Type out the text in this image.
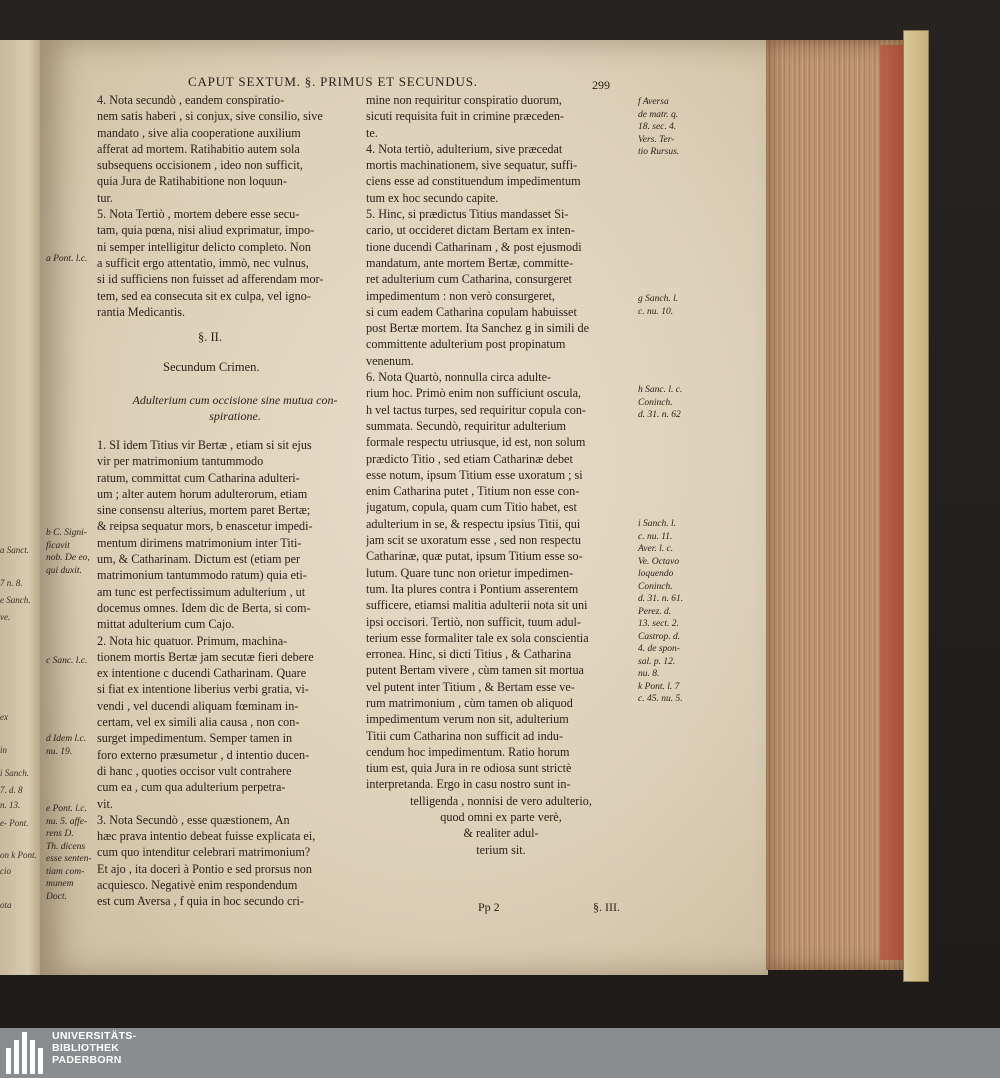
a Sanct.
7 n. 8.
e Sanch.
ve.
ex
in
i Sanch.
7. d. 8
n. 13.
e- Pont.
on k Pont.
cio
ota
CAPUT SEXTUM. §. PRIMUS ET SECUNDUS.	299

4. Nota secundò , eandem conspiratio-
nem satis haberi , si conjux, sive consilio, sive
mandato , sive alia cooperatione auxilium
afferat ad mortem. Ratihabitio autem sola
subsequens occisionem , ideo non sufficit,
quia Jura de Ratihabitione non loquun-
tur.

5. Nota Tertiò , mortem debere esse secu-
tam, quia pœna, nisi aliud exprimatur, impo-
ni semper intelligitur delicto completo. Non
a sufficit ergo attentatio, immò, nec vulnus,
si id sufficiens non fuisset ad afferendam mor-
tem, sed ea consecuta sit ex culpa, vel igno-
rantia Medicantis.

§. II.
Secundum Crimen.
Adulterium cum occisione sine mutua con- spiratione.

1. SI idem Titius vir Bertæ , etiam si sit ejus
vir per matrimonium tantummodo
ratum, committat cum Catharina adulteri-
um ; alter autem horum adulterorum, etiam
sine consensu alterius, mortem paret Bertæ;
& reipsa sequatur mors, b enascetur impedi-
mentum dirimens matrimonium inter Titi-
um, & Catharinam. Dictum est (etiam per
matrimonium tantummodo ratum) quia eti-
am tunc est perfectissimum adulterium , ut
docemus omnes. Idem dic de Berta, si com-
mittat adulterium cum Cajo.

2. Nota hic quatuor. Primum, machina-
tionem mortis Bertæ jam secutæ fieri debere
ex intentione c ducendi Catharinam. Quare
si fiat ex intentione liberius verbi gratia, vi-
vendi , vel ducendi aliquam fœminam in-
certam, vel ex simili alia causa , non con-
surget impedimentum. Semper tamen in
foro externo præsumetur , d intentio ducen-
di hanc , quoties occisor vult contrahere
cum ea , cum qua adulterium perpetra-
vit.

3. Nota Secundò , esse quæstionem, An
hæc prava intentio debeat fuisse explicata ei,
cum quo intenditur celebrari matrimonium?
Et ajo , ita doceri à Pontio e sed prorsus non
acquiesco. Negativè enim respondendum
est cum Aversa , f quia in hoc secundo cri-

mine non requiritur conspiratio duorum,
sicuti requisita fuit in crimine præceden-
te.

4. Nota tertiò, adulterium, sive præcedat
mortis machinationem, sive sequatur, suffi-
ciens esse ad constituendum impedimentum
tum ex hoc secundo capite.

5. Hinc, si prædictus Titius mandasset Si-
cario, ut occideret dictam Bertam ex inten-
tione ducendi Catharinam , & post ejusmodi
mandatum, ante mortem Bertæ, committe-
ret adulterium cum Catharina, consurgeret
impedimentum : non verò consurgeret,
si cum eadem Catharina copulam habuisset
post Bertæ mortem. Ita Sanchez g in simili de
committente adulterium post propinatum
venenum.

6. Nota Quartò, nonnulla circa adulte-
rium hoc. Primò enim non sufficiunt oscula,
h vel tactus turpes, sed requiritur copula con-
summata. Secundò, requiritur adulterium
formale respectu utriusque, id est, non solum
prædicto Titio , sed etiam Catharinæ debet
esse notum, ipsum Titium esse uxoratum ; si
enim Catharina putet , Titium non esse con-
jugatum, copula, quam cum Titio habet, est
adulterium in se, & respectu ipsius Titii, qui
jam scit se uxoratum esse , sed non respectu
Catharinæ, quæ putat, ipsum Titium esse so-
lutum. Quare tunc non orietur impedimen-
tum. Ita plures contra i Pontium asserentem
sufficere, etiamsi malitia adulterii nota sit uni
ipsi occisori. Tertiò, non sufficit, tuum adul-
terium esse formaliter tale ex sola conscientia
erronea. Hinc, si dicti Titius , & Catharina
putent Bertam vivere , cùm tamen sit mortua
vel putent inter Titium , & Bertam esse ve-
rum matrimonium , cùm tamen ob aliquod
impedimentum verum non sit, adulterium
Titii cum Catharina non sufficit ad indu-
cendum hoc impedimentum. Ratio horum
tium est, quia Jura in re odiosa sunt strictè
interpretanda. Ergo in casu nostro sunt in-

telligenda , nonnisi de vero adulterio,
quod omni ex parte verè,
& realiter adul-
terium sit.

a Pont. l.c.
b C. Signi-
ficavit
nob. De eo,
qui duxit.
c Sanc. l.c.
d Idem l.c.
nu. 19.
e Pont. l.c.
nu. 5. affe-
rens D.
Th. dicens
esse senten-
tiam com-
munem
Doct.
f Aversa
de matr. q.
18. sec. 4.
Vers. Ter-
tio Rursus.
g Sanch. l.
c. nu. 10.
h Sanc. l. c.
Coninch.
d. 31. n. 62
i Sanch. l.
c. nu. 11.
Aver. l. c.
Ve. Octavo
loquendo
Coninch.
d. 31. n. 61.
Perez. d.
13. sect. 2.
Castrop. d.
4. de spon-
sal. p. 12.
nu. 8.
k Pont. l. 7
c. 45. nu. 5.
Pp 2	§. III.
UNIVERSITÄTS-
BIBLIOTHEK
PADERBORN
